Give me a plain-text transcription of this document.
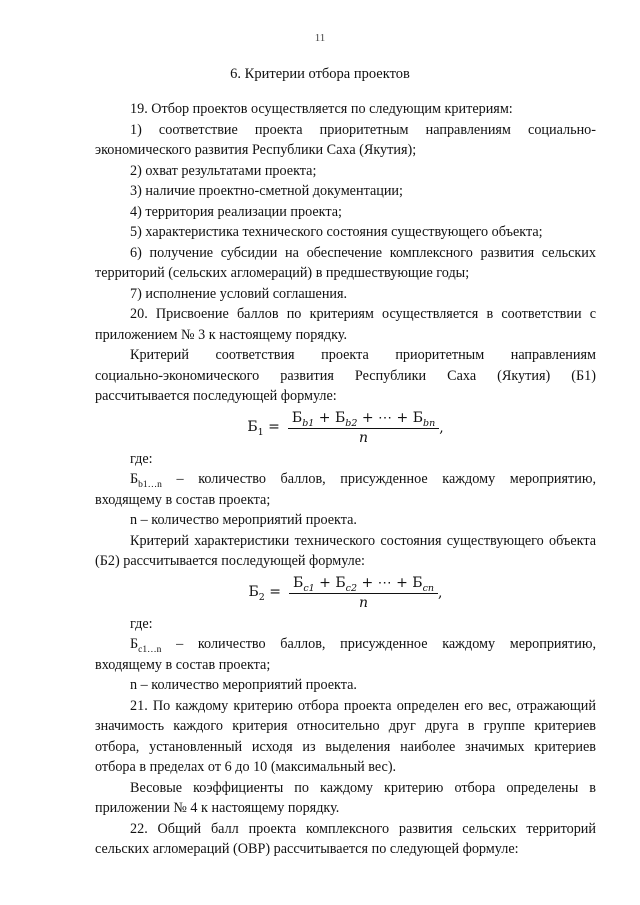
11
6. Критерии отбора проектов

19. Отбор проектов осуществляется по следующим критериям:

1) соответствие проекта приоритетным направлениям социально-экономического развития Республики Саха (Якутия);

2) охват результатами проекта;

3) наличие проектно-сметной документации;

4) территория реализации проекта;

5) характеристика технического состояния существующего объекта;

6) получение субсидии на обеспечение комплексного развития сельских территорий (сельских агломераций) в предшествующие годы;

7) исполнение условий соглашения.

20. Присвоение баллов по критериям осуществляется в соответствии с приложением № 3 к настоящему порядку.

Критерий соответствия проекта приоритетным направлениям
социально-экономического развития Республики Саха (Якутия) (Б1)

рассчитывается последующей формуле:

$Б_1 = \frac{Б_{b1} + Б_{b2} + \cdots + Б_{bn}}{n}$ ,

где:

$Б_{b1\dots n}$ – количество баллов, присужденное каждому мероприятию, входящему в состав проекта;

n – количество мероприятий проекта.

Критерий характеристики технического состояния существующего объекта (Б2) рассчитывается последующей формуле:

$Б_2 = \frac{Б_{c1} + Б_{c2} + \cdots + Б_{cn}}{n}$ ,

где:

$Б_{c1\dots n}$ – количество баллов, присужденное каждому мероприятию, входящему в состав проекта;

n – количество мероприятий проекта.

21. По каждому критерию отбора проекта определен его вес, отражающий значимость каждого критерия относительно друг друга в группе критериев отбора, установленный исходя из выделения наиболее значимых критериев отбора в пределах от 6 до 10 (максимальный вес).

Весовые коэффициенты по каждому критерию отбора определены в приложении № 4 к настоящему порядку.

22. Общий балл проекта комплексного развития сельских территорий сельских агломераций (ОВР) рассчитывается по следующей формуле:
